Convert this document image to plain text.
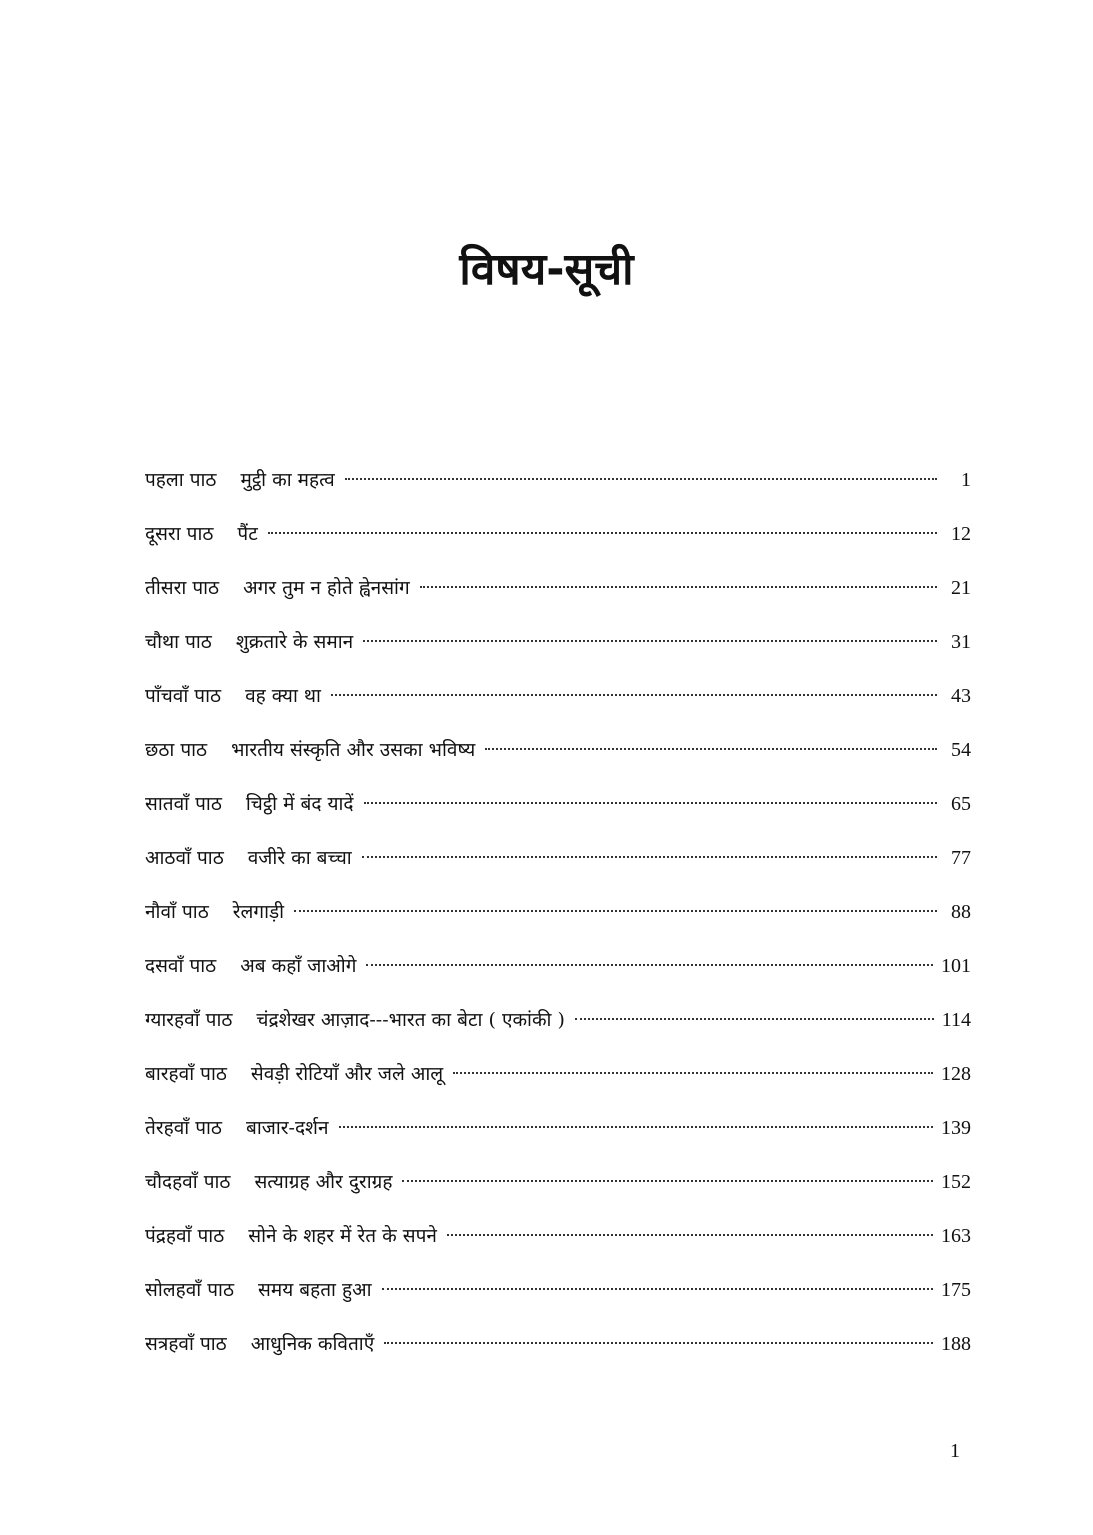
विषय-सूची
पहला पाठ मुट्ठी का महत्व	1
दूसरा पाठ पैंट	12
तीसरा पाठ अगर तुम न होते ह्वेनसांग	21
चौथा पाठ शुक्रतारे के समान	31
पाँचवाँ पाठ वह क्या था	43
छठा पाठ भारतीय संस्कृति और उसका भविष्य	54
सातवाँ पाठ चिट्ठी में बंद यादें	65
आठवाँ पाठ वजीरे का बच्चा	77
नौवाँ पाठ रेलगाड़ी	88
दसवाँ पाठ अब कहाँ जाओगे	101
ग्यारहवाँ पाठ चंद्रशेखर आज़ाद---भारत का बेटा ( एकांकी )	114
बारहवाँ पाठ सेवड़ी रोटियाँ और जले आलू	128
तेरहवाँ पाठ बाजार-दर्शन	139
चौदहवाँ पाठ सत्याग्रह और दुराग्रह	152
पंद्रहवाँ पाठ सोने के शहर में रेत के सपने	163
सोलहवाँ पाठ समय बहता हुआ	175
सत्रहवाँ पाठ आधुनिक कविताएँ	188
1
